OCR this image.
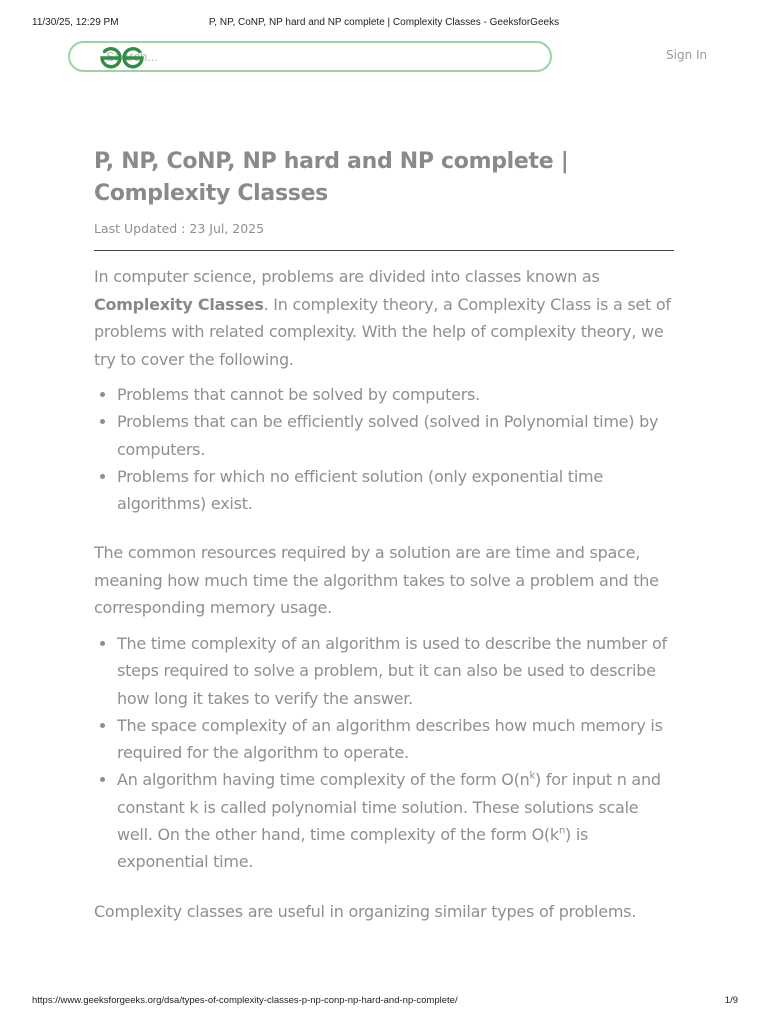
11/30/25, 12:29 PM	P, NP, CoNP, NP hard and NP complete | Complexity Classes - GeeksforGeeks
Search...	Sign In
P, NP, CoNP, NP hard and NP complete | Complexity Classes
Last Updated : 23 Jul, 2025

In computer science, problems are divided into classes known as Complexity Classes. In complexity theory, a Complexity Class is a set of problems with related complexity. With the help of complexity theory, we try to cover the following.

• Problems that cannot be solved by computers.
• Problems that can be efficiently solved (solved in Polynomial time) by computers.
• Problems for which no efficient solution (only exponential time algorithms) exist.

The common resources required by a solution are are time and space, meaning how much time the algorithm takes to solve a problem and the corresponding memory usage.

• The time complexity of an algorithm is used to describe the number of steps required to solve a problem, but it can also be used to describe how long it takes to verify the answer.
• The space complexity of an algorithm describes how much memory is required for the algorithm to operate.
• An algorithm having time complexity of the form $O(n^k)$ for input n and constant k is called polynomial time solution. These solutions scale well. On the other hand, time complexity of the form $O(k^n)$ is exponential time.

Complexity classes are useful in organizing similar types of problems.

https://www.geeksforgeeks.org/dsa/types-of-complexity-classes-p-np-conp-np-hard-and-np-complete/	1/9
